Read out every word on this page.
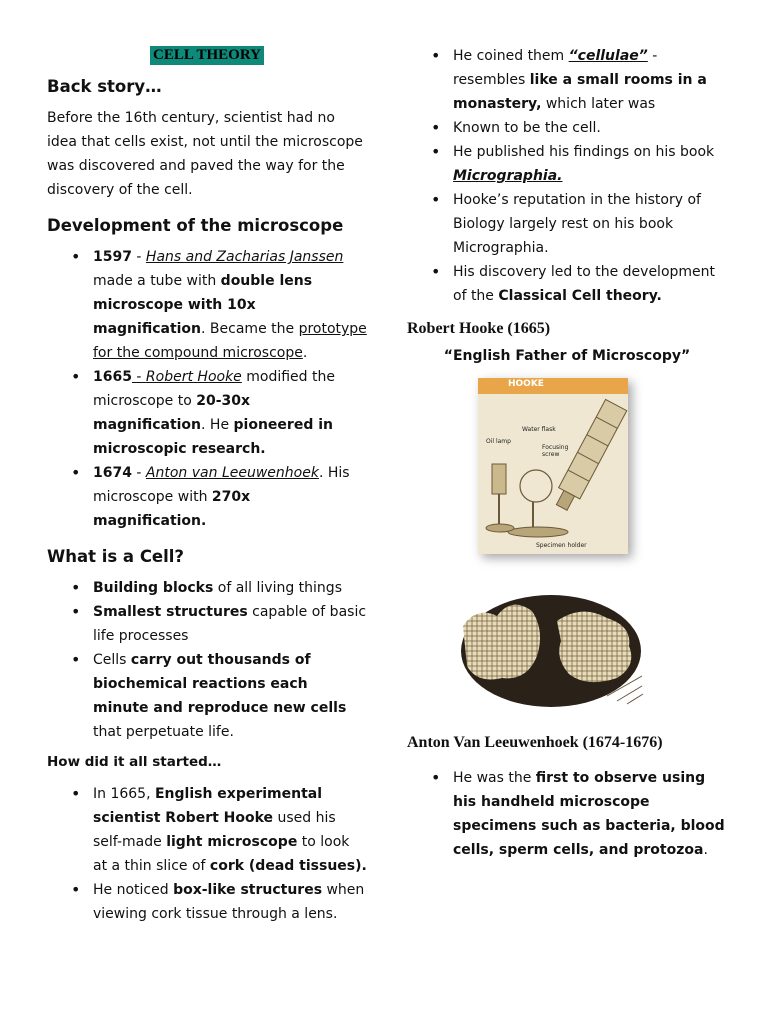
CELL THEORY
Back story…

Before the 16th century, scientist had no idea that cells exist, not until the microscope was discovered and paved the way for the discovery of the cell.

Development of the microscope
• 1597 - Hans and Zacharias Janssen made a tube with double lens microscope with 10x magnification. Became the prototype for the compound microscope.
• 1665 - Robert Hooke modified the microscope to 20-30x magnification. He pioneered in microscopic research.
• 1674 - Anton van Leeuwenhoek. His microscope with 270x magnification.
What is a Cell?
• Building blocks of all living things
• Smallest structures capable of basic life processes
• Cells carry out thousands of biochemical reactions each minute and reproduce new cells that perpetuate life.
How did it all started…
• In 1665, English experimental scientist Robert Hooke used his self-made light microscope to look at a thin slice of cork (dead tissues).
• He noticed box-like structures when viewing cork tissue through a lens.
• He coined them “cellulae” - resembles like a small rooms in a monastery, which later was
• Known to be the cell.
• He published his findings on his book Micrographia.
• Hooke’s reputation in the history of Biology largely rest on his book Micrographia.
• His discovery led to the development of the Classical Cell theory.
Robert Hooke (1665)
“English Father of Microscopy”
HOOKE
Water flask
Oil lamp
Focusing screw
Specimen holder
Anton Van Leeuwenhoek (1674-1676)
• He was the first to observe using his handheld microscope specimens such as bacteria, blood cells, sperm cells, and protozoa.
